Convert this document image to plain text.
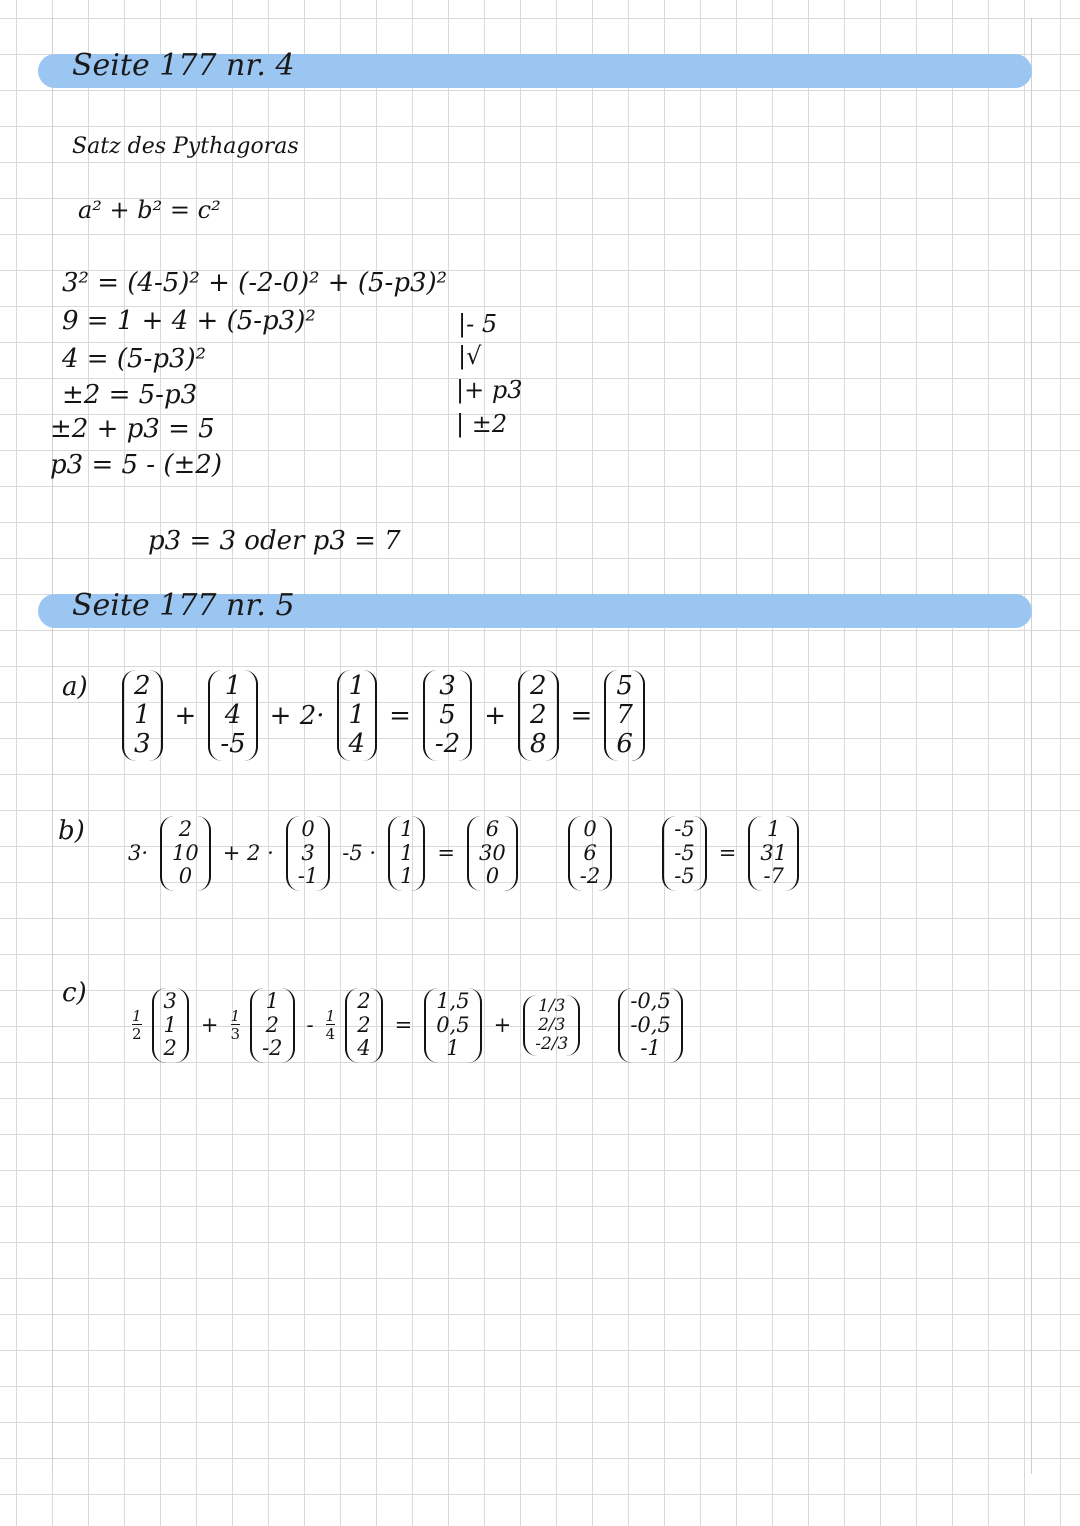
Seite 177 nr. 4
Satz des Pythagoras
a² + b² = c²
3² = (4-5)² + (-2-0)² + (5-p3)²
9 = 1 + 4 + (5-p3)²
4 = (5-p3)²
±2 = 5-p3
±2 + p3 = 5
p3 = 5 - (±2)
|- 5
|√
|+ p3
| ±2
p3 = 3 oder p3 = 7
Seite 177 nr. 5
a) 2
1
3
+
1
4
-5
+ 2·
1
1
4
=
3
5
-2
+
2
2
8
=
5
7
6
b)
3·
2
10
0
+ 2 ·
0
3
-1
-5 ·
1
1
1
=
6
30
0
0
6
-2
-5
-5
-5
=
1
31
-7
c)
$\frac{1}{2}$
3
1
2
+ $\frac{1}{3}$
1
2
-2
- $\frac{1}{4}$
2
2
4
=
1,5
0,5
1
+
1/3
2/3
-2/3
-0,5
-0,5
-1
